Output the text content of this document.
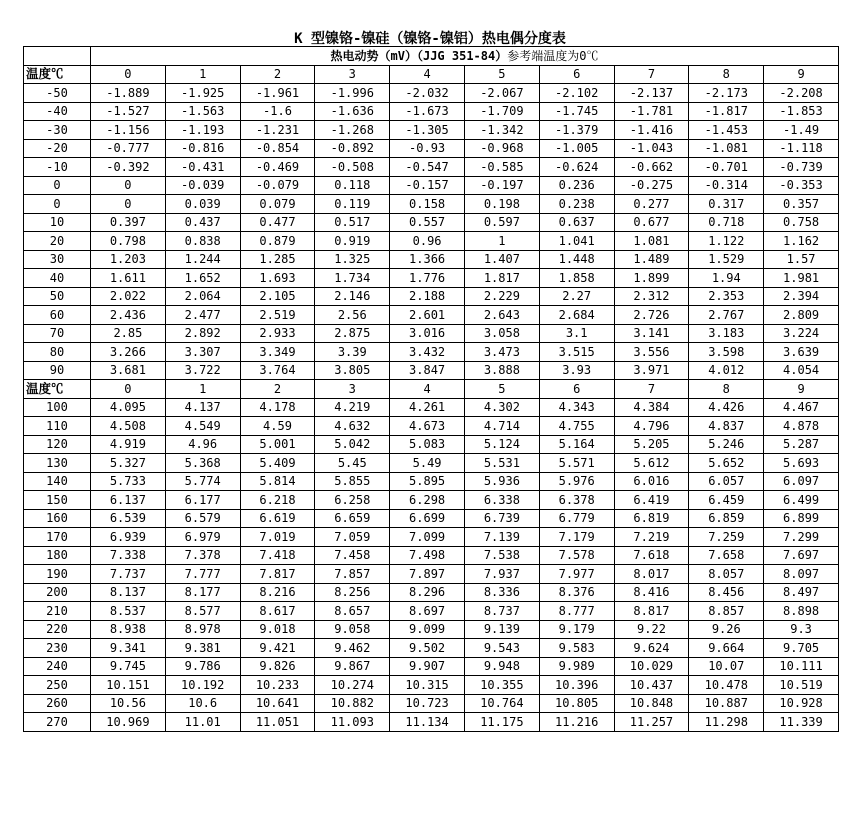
K 型镍铬-镍硅（镍铬-镍铝）热电偶分度表
	热电动势（mV）（JJG 351-84）参考端温度为0℃									
温度℃	0	1	2	3	4	5	6	7	8	9
-50	-1.889	-1.925	-1.961	-1.996	-2.032	-2.067	-2.102	-2.137	-2.173	-2.208
-40	-1.527	-1.563	-1.6	-1.636	-1.673	-1.709	-1.745	-1.781	-1.817	-1.853
-30	-1.156	-1.193	-1.231	-1.268	-1.305	-1.342	-1.379	-1.416	-1.453	-1.49
-20	-0.777	-0.816	-0.854	-0.892	-0.93	-0.968	-1.005	-1.043	-1.081	-1.118
-10	-0.392	-0.431	-0.469	-0.508	-0.547	-0.585	-0.624	-0.662	-0.701	-0.739
0	0	-0.039	-0.079	0.118	-0.157	-0.197	0.236	-0.275	-0.314	-0.353
0	0	0.039	0.079	0.119	0.158	0.198	0.238	0.277	0.317	0.357
10	0.397	0.437	0.477	0.517	0.557	0.597	0.637	0.677	0.718	0.758
20	0.798	0.838	0.879	0.919	0.96	1	1.041	1.081	1.122	1.162
30	1.203	1.244	1.285	1.325	1.366	1.407	1.448	1.489	1.529	1.57
40	1.611	1.652	1.693	1.734	1.776	1.817	1.858	1.899	1.94	1.981
50	2.022	2.064	2.105	2.146	2.188	2.229	2.27	2.312	2.353	2.394
60	2.436	2.477	2.519	2.56	2.601	2.643	2.684	2.726	2.767	2.809
70	2.85	2.892	2.933	2.875	3.016	3.058	3.1	3.141	3.183	3.224
80	3.266	3.307	3.349	3.39	3.432	3.473	3.515	3.556	3.598	3.639
90	3.681	3.722	3.764	3.805	3.847	3.888	3.93	3.971	4.012	4.054
温度℃	0	1	2	3	4	5	6	7	8	9
100	4.095	4.137	4.178	4.219	4.261	4.302	4.343	4.384	4.426	4.467
110	4.508	4.549	4.59	4.632	4.673	4.714	4.755	4.796	4.837	4.878
120	4.919	4.96	5.001	5.042	5.083	5.124	5.164	5.205	5.246	5.287
130	5.327	5.368	5.409	5.45	5.49	5.531	5.571	5.612	5.652	5.693
140	5.733	5.774	5.814	5.855	5.895	5.936	5.976	6.016	6.057	6.097
150	6.137	6.177	6.218	6.258	6.298	6.338	6.378	6.419	6.459	6.499
160	6.539	6.579	6.619	6.659	6.699	6.739	6.779	6.819	6.859	6.899
170	6.939	6.979	7.019	7.059	7.099	7.139	7.179	7.219	7.259	7.299
180	7.338	7.378	7.418	7.458	7.498	7.538	7.578	7.618	7.658	7.697
190	7.737	7.777	7.817	7.857	7.897	7.937	7.977	8.017	8.057	8.097
200	8.137	8.177	8.216	8.256	8.296	8.336	8.376	8.416	8.456	8.497
210	8.537	8.577	8.617	8.657	8.697	8.737	8.777	8.817	8.857	8.898
220	8.938	8.978	9.018	9.058	9.099	9.139	9.179	9.22	9.26	9.3
230	9.341	9.381	9.421	9.462	9.502	9.543	9.583	9.624	9.664	9.705
240	9.745	9.786	9.826	9.867	9.907	9.948	9.989	10.029	10.07	10.111
250	10.151	10.192	10.233	10.274	10.315	10.355	10.396	10.437	10.478	10.519
260	10.56	10.6	10.641	10.882	10.723	10.764	10.805	10.848	10.887	10.928
270	10.969	11.01	11.051	11.093	11.134	11.175	11.216	11.257	11.298	11.339
